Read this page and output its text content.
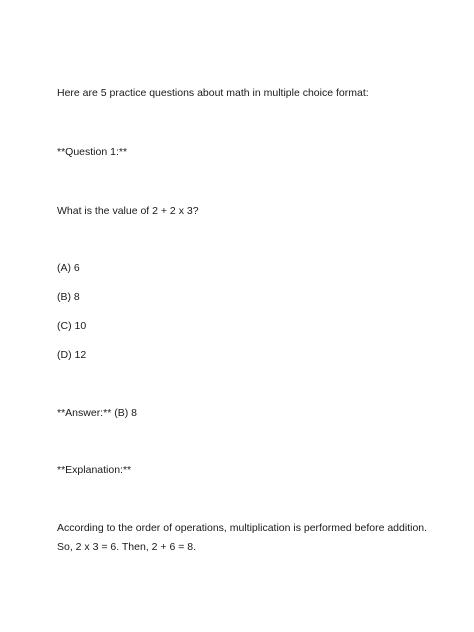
Here are 5 practice questions about math in multiple choice format:
**Question 1:**
What is the value of 2 + 2 x 3?
(A) 6
(B) 8
(C) 10
(D) 12
**Answer:** (B) 8
**Explanation:**
According to the order of operations, multiplication is performed before addition.
So, 2 x 3 = 6. Then, 2 + 6 = 8.
